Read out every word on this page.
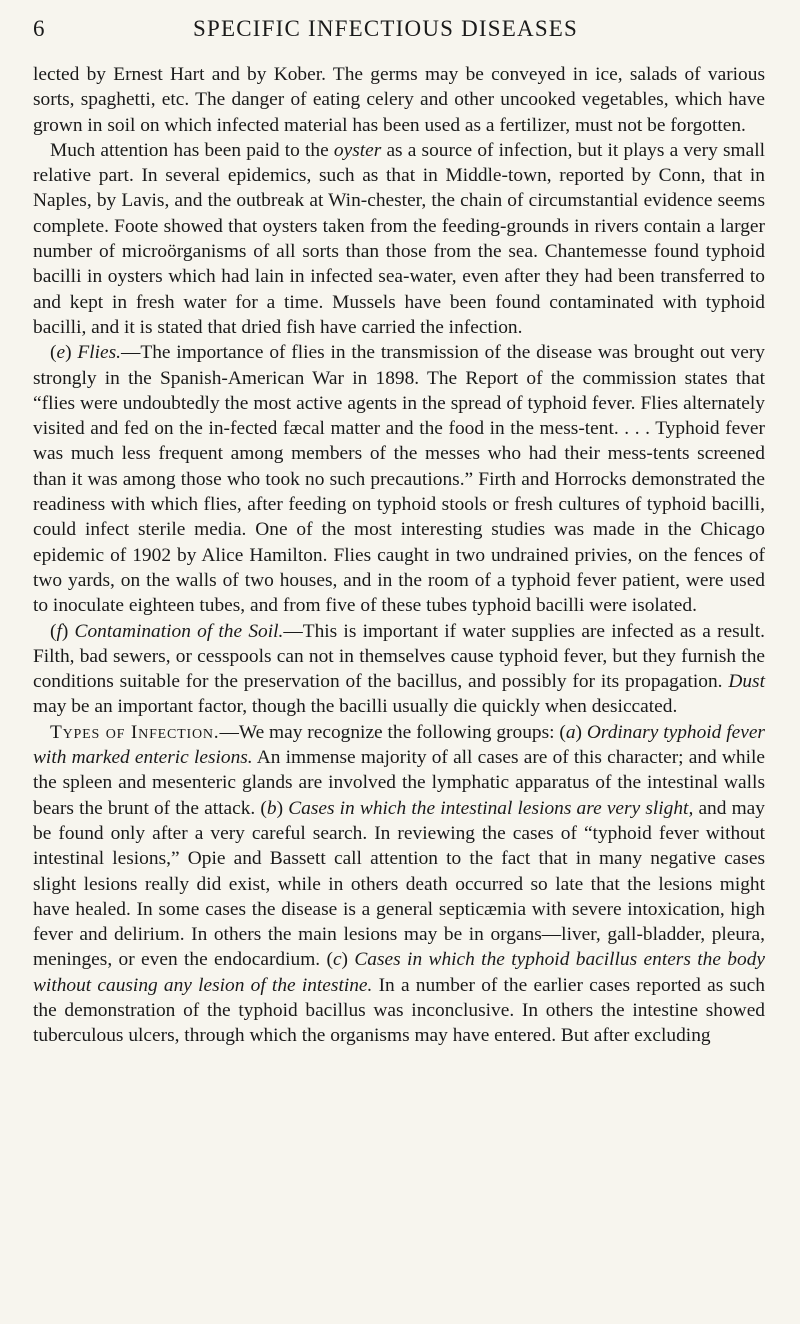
6	SPECIFIC INFECTIOUS DISEASES

lected by Ernest Hart and by Kober. The germs may be conveyed in ice, salads of various sorts, spaghetti, etc. The danger of eating celery and other uncooked vegetables, which have grown in soil on which infected material has been used as a fertilizer, must not be forgotten.

Much attention has been paid to the oyster as a source of infection, but it plays a very small relative part. In several epidemics, such as that in Middle-town, reported by Conn, that in Naples, by Lavis, and the outbreak at Win-chester, the chain of circumstantial evidence seems complete. Foote showed that oysters taken from the feeding-grounds in rivers contain a larger number of microörganisms of all sorts than those from the sea. Chantemesse found typhoid bacilli in oysters which had lain in infected sea-water, even after they had been transferred to and kept in fresh water for a time. Mussels have been found contaminated with typhoid bacilli, and it is stated that dried fish have carried the infection.

(e) Flies.—The importance of flies in the transmission of the disease was brought out very strongly in the Spanish-American War in 1898. The Report of the commission states that “flies were undoubtedly the most active agents in the spread of typhoid fever. Flies alternately visited and fed on the in-fected fæcal matter and the food in the mess-tent. . . . Typhoid fever was much less frequent among members of the messes who had their mess-tents screened than it was among those who took no such precautions.” Firth and Horrocks demonstrated the readiness with which flies, after feeding on typhoid stools or fresh cultures of typhoid bacilli, could infect sterile media. One of the most interesting studies was made in the Chicago epidemic of 1902 by Alice Hamilton. Flies caught in two undrained privies, on the fences of two yards, on the walls of two houses, and in the room of a typhoid fever patient, were used to inoculate eighteen tubes, and from five of these tubes typhoid bacilli were isolated.

(f) Contamination of the Soil.—This is important if water supplies are infected as a result. Filth, bad sewers, or cesspools can not in themselves cause typhoid fever, but they furnish the conditions suitable for the preservation of the bacillus, and possibly for its propagation. Dust may be an important factor, though the bacilli usually die quickly when desiccated.

Types of Infection.—We may recognize the following groups: (a) Ordinary typhoid fever with marked enteric lesions. An immense majority of all cases are of this character; and while the spleen and mesenteric glands are involved the lymphatic apparatus of the intestinal walls bears the brunt of the attack. (b) Cases in which the intestinal lesions are very slight, and may be found only after a very careful search. In reviewing the cases of “typhoid fever without intestinal lesions,” Opie and Bassett call attention to the fact that in many negative cases slight lesions really did exist, while in others death occurred so late that the lesions might have healed. In some cases the disease is a general septicæmia with severe intoxication, high fever and delirium. In others the main lesions may be in organs—liver, gall-bladder, pleura, meninges, or even the endocardium. (c) Cases in which the typhoid bacillus enters the body without causing any lesion of the intestine. In a number of the earlier cases reported as such the demonstration of the typhoid bacillus was inconclusive. In others the intestine showed tuberculous ulcers, through which the organisms may have entered. But after excluding
